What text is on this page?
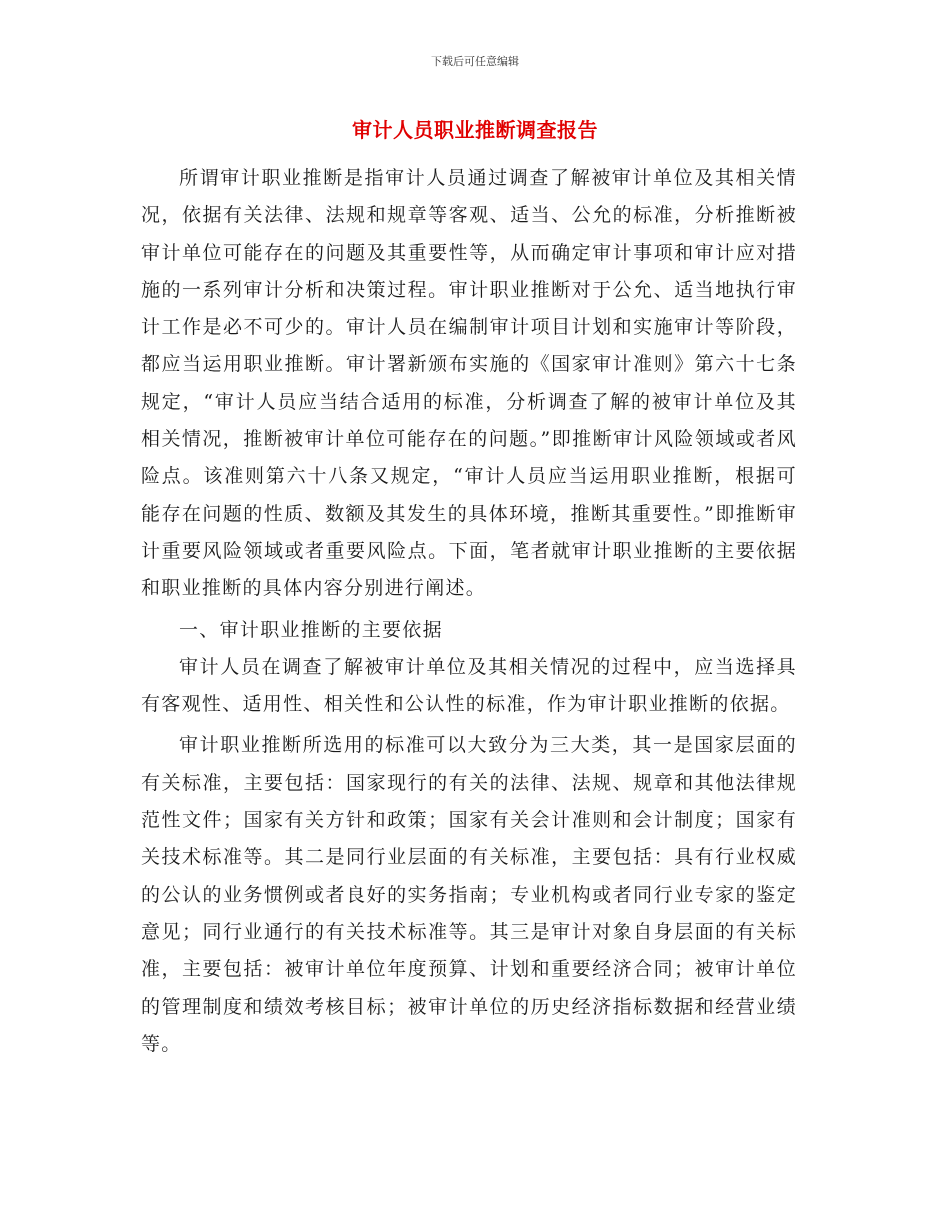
下载后可任意编辑
审计人员职业推断调查报告

所谓审计职业推断是指审计人员通过调查了解被审计单位及其相关情况，依据有关法律、法规和规章等客观、适当、公允的标准，分析推断被审计单位可能存在的问题及其重要性等，从而确定审计事项和审计应对措施的一系列审计分析和决策过程。审计职业推断对于公允、适当地执行审计工作是必不可少的。审计人员在编制审计项目计划和实施审计等阶段，都应当运用职业推断。审计署新颁布实施的《国家审计准则》第六十七条规定，“审计人员应当结合适用的标准，分析调查了解的被审计单位及其相关情况，推断被审计单位可能存在的问题。”即推断审计风险领域或者风险点。该准则第六十八条又规定，“审计人员应当运用职业推断，根据可能存在问题的性质、数额及其发生的具体环境，推断其重要性。”即推断审计重要风险领域或者重要风险点。下面，笔者就审计职业推断的主要依据和职业推断的具体内容分别进行阐述。

一、审计职业推断的主要依据

审计人员在调查了解被审计单位及其相关情况的过程中，应当选择具有客观性、适用性、相关性和公认性的标准，作为审计职业推断的依据。

审计职业推断所选用的标准可以大致分为三大类，其一是国家层面的有关标准，主要包括：国家现行的有关的法律、法规、规章和其他法律规范性文件；国家有关方针和政策；国家有关会计准则和会计制度；国家有关技术标准等。其二是同行业层面的有关标准，主要包括：具有行业权威的公认的业务惯例或者良好的实务指南；专业机构或者同行业专家的鉴定意见；同行业通行的有关技术标准等。其三是审计对象自身层面的有关标准，主要包括：被审计单位年度预算、计划和重要经济合同；被审计单位的管理制度和绩效考核目标；被审计单位的历史经济指标数据和经营业绩等。
